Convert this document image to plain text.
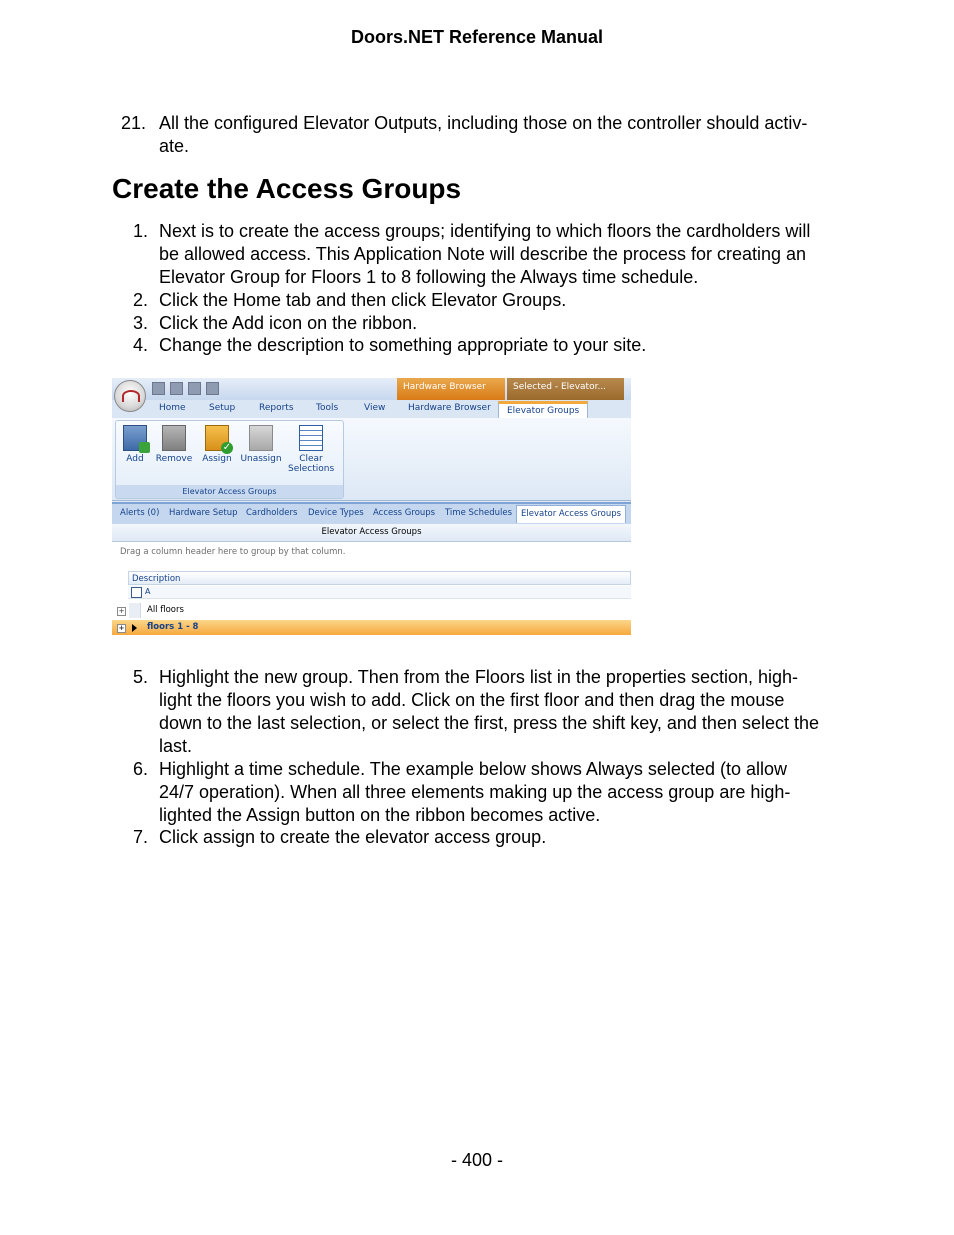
Doors.NET Reference Manual
21. All the configured Elevator Outputs, including those on the controller should activ-
ate.
Create the Access Groups
1. Next is to create the access groups; identifying to which floors the cardholders will
be allowed access. This Application Note will describe the process for creating an
Elevator Group for Floors 1 to 8 following the Always time schedule.
2. Click the Home tab and then click Elevator Groups.
3. Click the Add icon on the ribbon.
4. Change the description to something appropriate to your site.
Hardware Browser	Selected - Elevator...
Home	Setup	Reports Tools	View	Hardware Browser	Elevator Groups
Add	Remove
✓	Assign Unassign	Clear
Selections
Elevator Access Groups
Alerts (0) Hardware Setup Cardholders Device Types Access Groups Time Schedules	Elevator Access Groups
Elevator Access Groups
Drag a column header here to group by that column.
Description
A
+	All floors
+	floors 1 - 8
5. Highlight the new group. Then from the Floors list in the properties section, high-
light the floors you wish to add. Click on the first floor and then drag the mouse
down to the last selection, or select the first, press the shift key, and then select the
last.
6. Highlight a time schedule. The example below shows Always selected (to allow
24/7 operation). When all three elements making up the access group are high-
lighted the Assign button on the ribbon becomes active.
7. Click assign to create the elevator access group.
- 400 -
